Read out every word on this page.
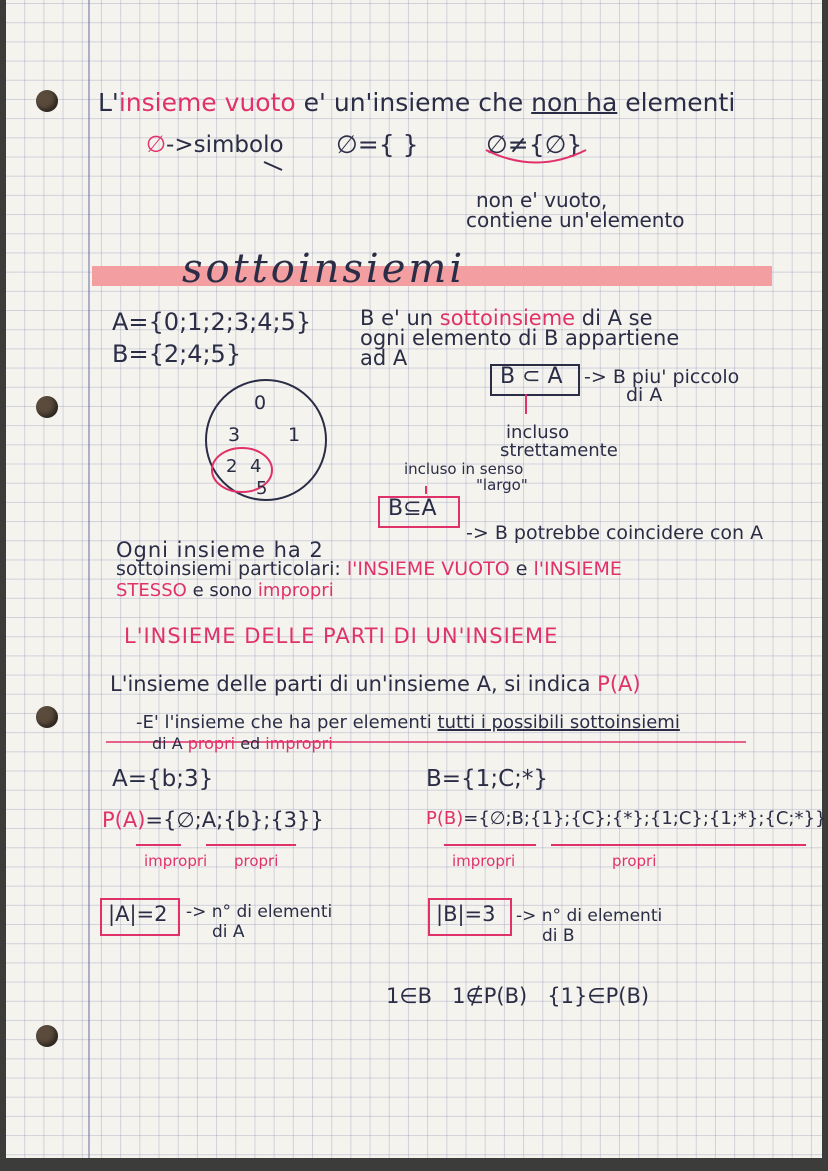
L'insieme vuoto e' un'insieme che non ha elementi
∅->simbolo ∅={ }	∅≠{∅}
non e' vuoto,
contiene un'elemento
sottoinsiemi
A={0;1;2;3;4;5}
B={2;4;5}
B e' un sottoinsieme di A se
ogni elemento di B appartiene
ad A
B ⊂ A -> B piu' piccolo
di A
incluso
strettamente
incluso in senso
"largo"
B⊆A
-> B potrebbe coincidere con A
0
3	1
2 4
5
Ogni insieme ha 2
sottoinsiemi particolari: l'INSIEME VUOTO e l'INSIEME
STESSO e sono impropri
L'INSIEME DELLE PARTI DI UN'INSIEME
L'insieme delle parti di un'insieme A, si indica P(A)
-E' l'insieme che ha per elementi tutti i possibili sottoinsiemi
di A propri ed impropri
A={b;3}
P(A)={∅;A;{b};{3}}
impropri propri
B={1;C;*}
P(B)={∅;B;{1};{C};{*};{1;C};{1;*};{C;*}}
impropri	propri
|A|=2 -> n° di elementi
di A
|B|=3 -> n° di elementi
di B
1∈B   1∉P(B)   {1}∈P(B)
